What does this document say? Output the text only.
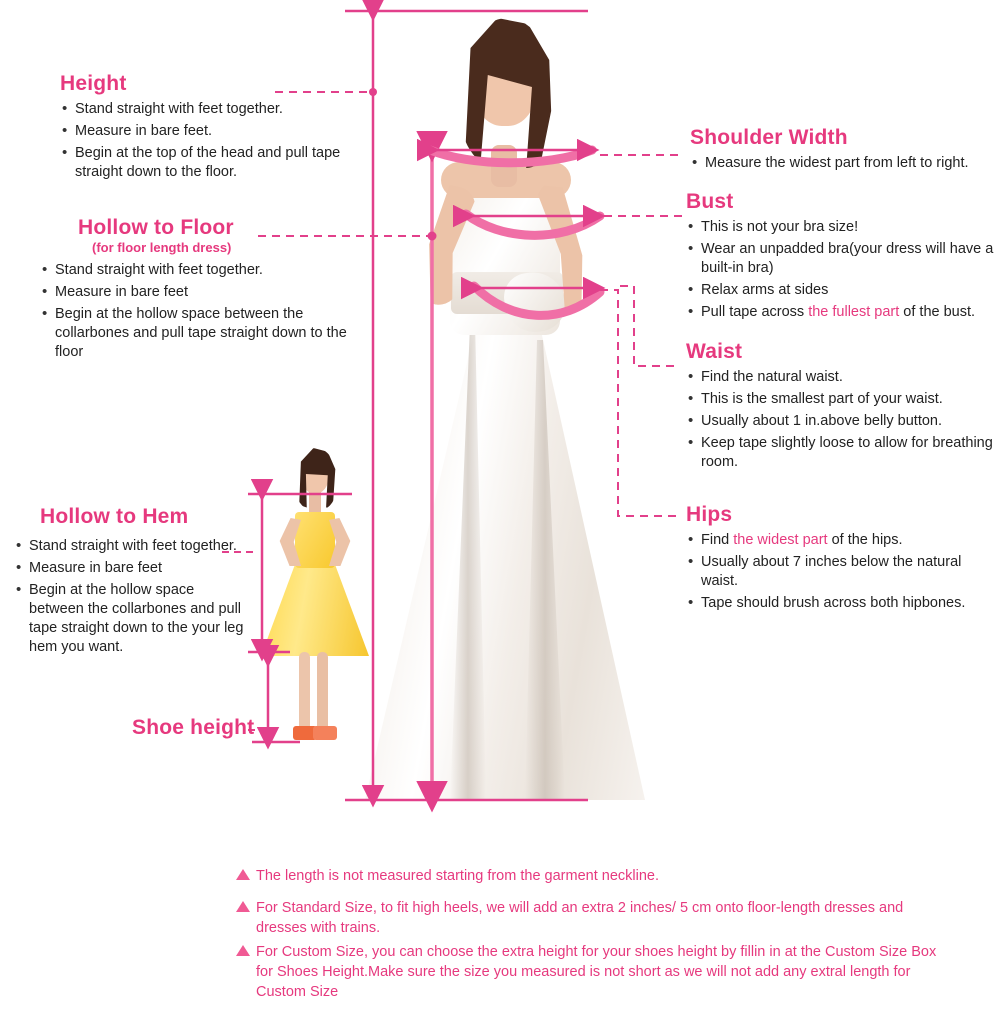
Height
• Stand straight with feet together.
• Measure in bare feet.
• Begin at the top of the head and pull tape straight down to the floor.
Hollow to Floor
(for floor length dress)
• Stand straight with feet together.
• Measure in bare feet
• Begin at the hollow space between the collarbones and pull tape straight down to the floor
Hollow to Hem
• Stand straight with feet together.
• Measure in bare feet
• Begin at the hollow space between the collarbones and pull tape straight down to the your leg hem you want.
Shoe height
Shoulder Width
• Measure the widest part from left to right.
Bust
• This is not your bra size!
• Wear an unpadded bra(your dress will have a built-in bra)
• Relax arms at sides
• Pull tape across the fullest part of the bust.
Waist
• Find the natural waist.
• This is the smallest part of your waist.
• Usually about 1 in.above belly button.
• Keep tape slightly loose to allow for breathing room.
Hips
• Find the widest part of the hips.
• Usually about 7 inches below the natural waist.
• Tape should brush across both hipbones.
The length is not measured starting from the garment neckline.
For Standard Size, to fit high heels, we will add an extra 2 inches/ 5 cm onto floor-length dresses and dresses with trains.
For Custom Size, you can choose the extra height for your shoes height by fillin in at the Custom Size Box for Shoes Height.Make sure the size you measured is not short as we will not add any extral length for Custom Size
